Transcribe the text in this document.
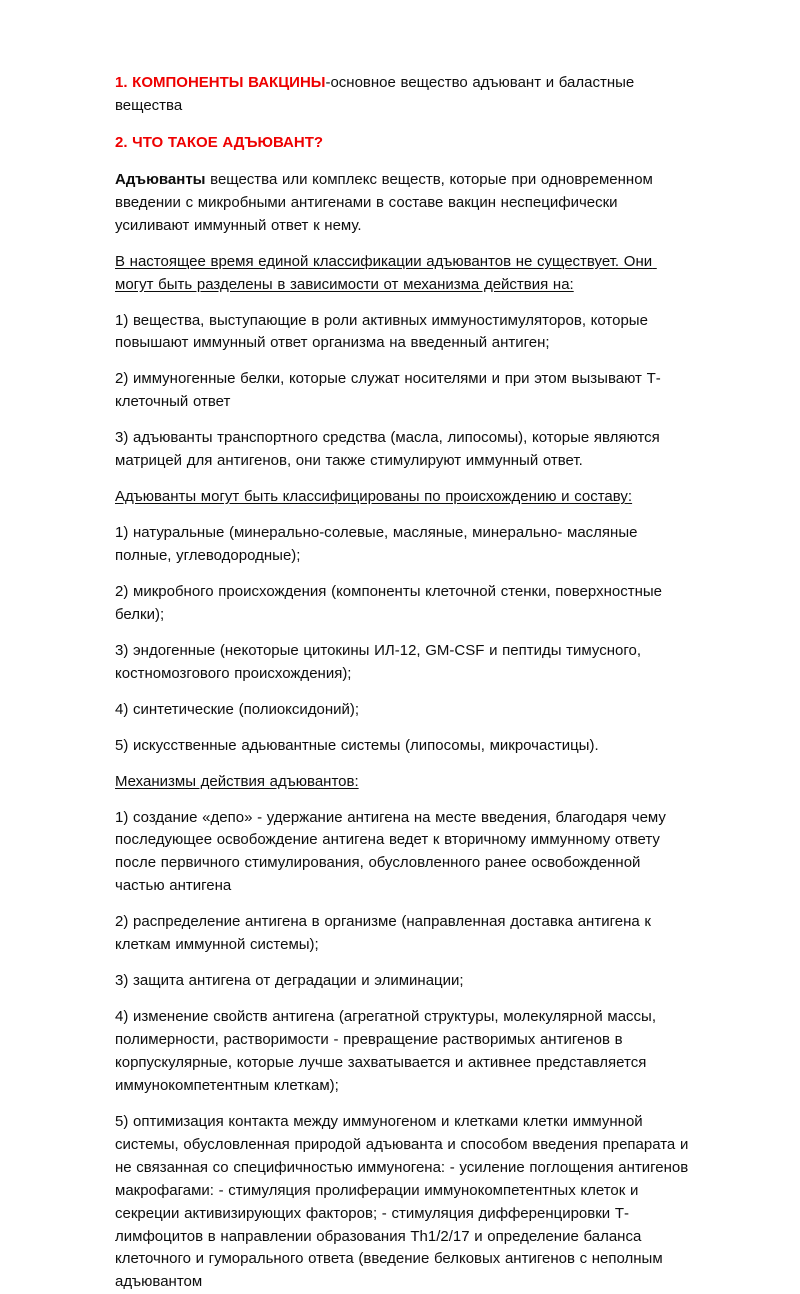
1. КОМПОНЕНТЫ ВАКЦИНЫ-основное вещество адъювант и баластные вещества

2. ЧТО ТАКОЕ АДЪЮВАНТ?

Адъюванты вещества или комплекс веществ, которые при одновременном введении с микробными антигенами в составе вакцин неспецифически усиливают иммунный ответ к нему.

В настоящее время единой классификации адъювантов не существует. Они могут быть разделены в зависимости от механизма действия на:

1) вещества, выступающие в роли активных иммуностимуляторов, которые повышают иммунный ответ организма на введенный антиген;

2) иммуногенные белки, которые служат носителями и при этом вызывают Т-клеточный ответ

3) адъюванты транспортного средства (масла, липосомы), которые являются матрицей для антигенов, они также стимулируют иммунный ответ.

Адъюванты могут быть классифицированы по происхождению и составу:

1) натуральные (минерально-солевые, масляные, минерально- масляные полные, углеводородные);

2) микробного происхождения (компоненты клеточной стенки, поверхностные белки);

3) эндогенные (некоторые цитокины ИЛ-12, GM-CSF и пептиды тимусного, костномозгового происхождения);

4) синтетические (полиоксидоний);

5) искусственные адьювантные системы (липосомы, микрочастицы).

Механизмы действия адъювантов:

1) создание «депо» - удержание антигена на месте введения, благодаря чему последующее освобождение антигена ведет к вторичному иммунному ответу после первичного стимулирования, обусловленного ранее освобожденной частью антигена

2) распределение антигена в организме (направленная доставка антигена к клеткам иммунной системы);

3) защита антигена от деградации и элиминации;

4) изменение свойств антигена (агрегатной структуры, молекулярной массы, полимерности, растворимости - превращение растворимых антигенов в корпускулярные, которые лучше захватывается и активнее представляется иммунокомпетентным клеткам);

5) оптимизация контакта между иммуногеном и клетками клетки иммунной системы, обусловленная природой адъюванта и способом введения препарата и не связанная со специфичностью иммуногена: - усиление поглощения антигенов макрофагами: - стимуляция пролиферации иммунокомпетентных клеток и секреции активизирующих факторов; - стимуляция дифференцировки Т-лимфоцитов в направлении образования Th1/2/17 и определение баланса клеточного и гуморального ответа (введение белковых антигенов с неполным адъювантом
